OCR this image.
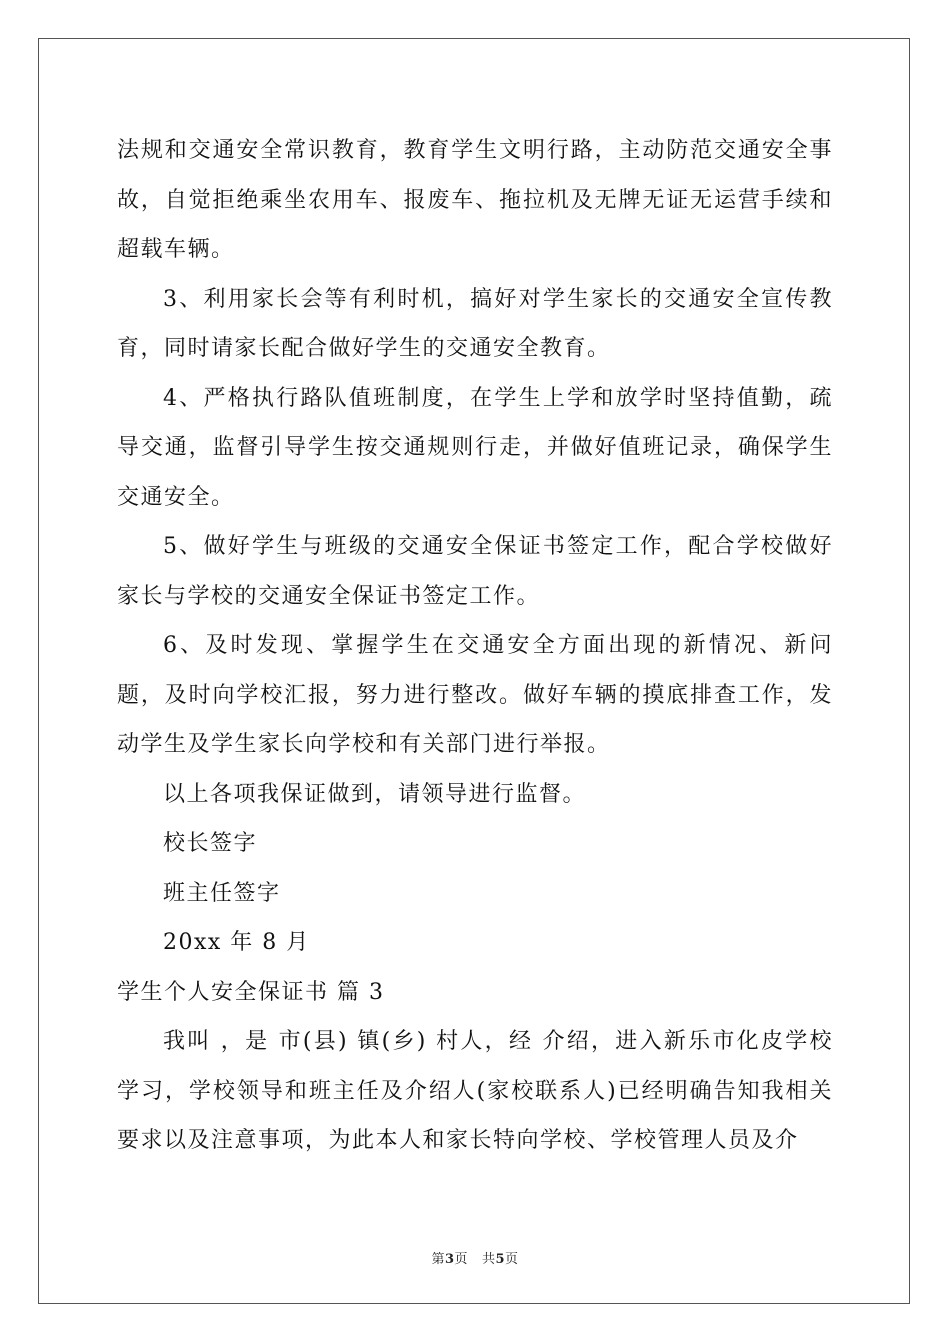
法规和交通安全常识教育，教育学生文明行路，主动防范交通安全事故，自觉拒绝乘坐农用车、报废车、拖拉机及无牌无证无运营手续和超载车辆。

3、利用家长会等有利时机，搞好对学生家长的交通安全宣传教育，同时请家长配合做好学生的交通安全教育。

4、严格执行路队值班制度，在学生上学和放学时坚持值勤，疏导交通，监督引导学生按交通规则行走，并做好值班记录，确保学生交通安全。

5、做好学生与班级的交通安全保证书签定工作，配合学校做好家长与学校的交通安全保证书签定工作。

6、及时发现、掌握学生在交通安全方面出现的新情况、新问题，及时向学校汇报，努力进行整改。做好车辆的摸底排查工作，发动学生及学生家长向学校和有关部门进行举报。

以上各项我保证做到，请领导进行监督。

校长签字

班主任签字

20xx 年 8 月

学生个人安全保证书 篇 3

我叫 ，是 市(县) 镇(乡) 村人，经 介绍，进入新乐市化皮学校学习，学校领导和班主任及介绍人(家校联系人)已经明确告知我相关要求以及注意事项，为此本人和家长特向学校、学校管理人员及介

第3页 共5页
